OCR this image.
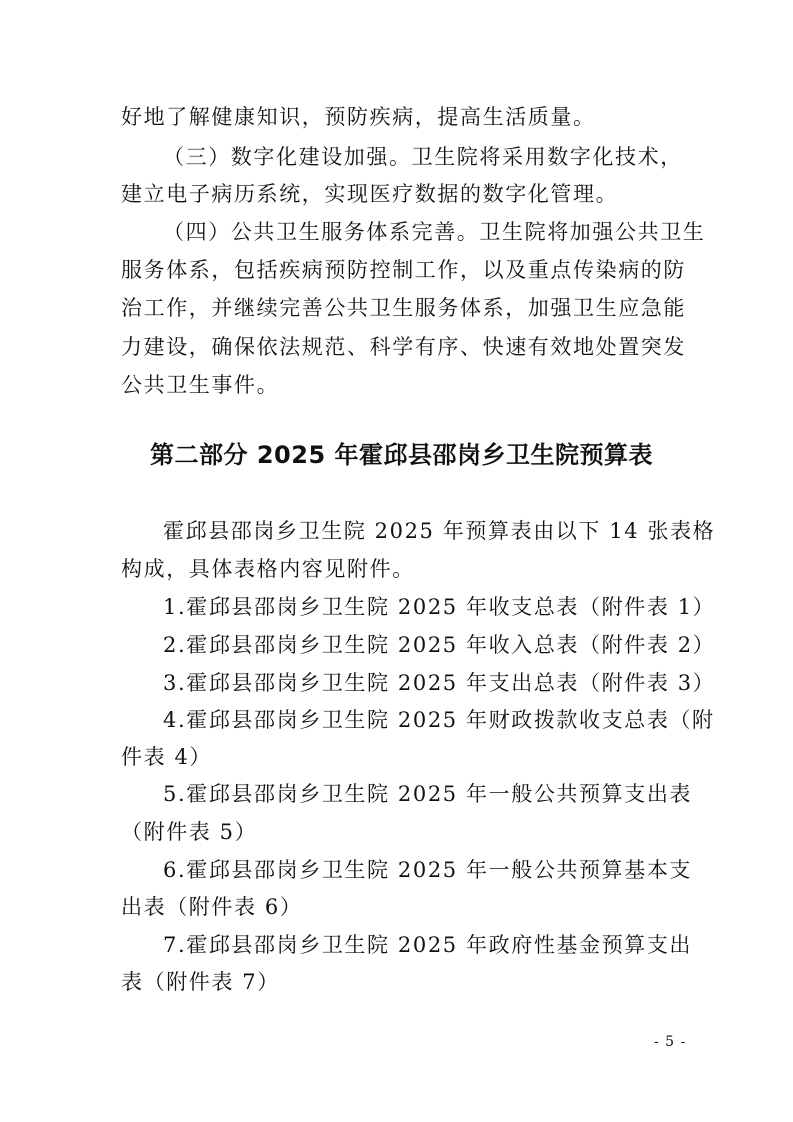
好地了解健康知识，预防疾病，提高生活质量。
（三）数字化建设加强。卫生院将采用数字化技术，
建立电子病历系统，实现医疗数据的数字化管理。
（四）公共卫生服务体系完善。卫生院将加强公共卫生
服务体系，包括疾病预防控制工作，以及重点传染病的防
治工作，并继续完善公共卫生服务体系，加强卫生应急能
力建设，确保依法规范、科学有序、快速有效地处置突发
公共卫生事件。
第二部分 2025 年霍邱县邵岗乡卫生院预算表
霍邱县邵岗乡卫生院 2025 年预算表由以下 14 张表格
构成，具体表格内容见附件。
1.霍邱县邵岗乡卫生院 2025 年收支总表（附件表 1）
2.霍邱县邵岗乡卫生院 2025 年收入总表（附件表 2）
3.霍邱县邵岗乡卫生院 2025 年支出总表（附件表 3）
4.霍邱县邵岗乡卫生院 2025 年财政拨款收支总表（附
件表 4）
5.霍邱县邵岗乡卫生院 2025 年一般公共预算支出表
（附件表 5）
6.霍邱县邵岗乡卫生院 2025 年一般公共预算基本支
出表（附件表 6）
7.霍邱县邵岗乡卫生院 2025 年政府性基金预算支出
表（附件表 7）
- 5 -
